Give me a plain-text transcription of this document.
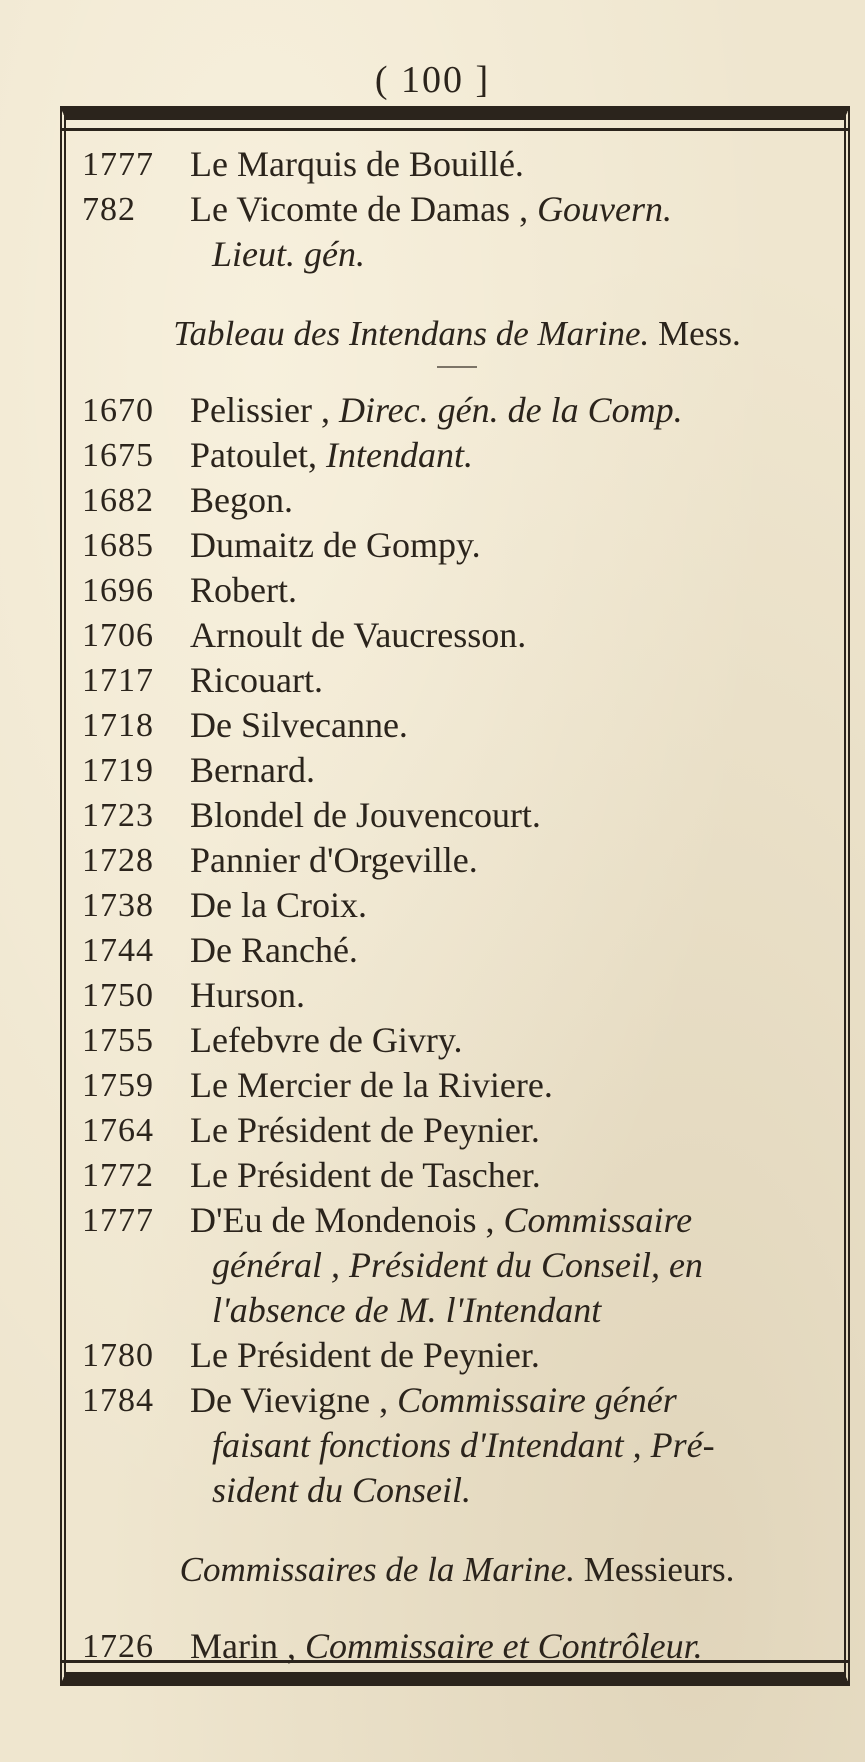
( 100 ]
1777	Le Marquis de Bouillé.
782	Le Vicomte de Damas , Gouvern.
Lieut. gén.
Tableau des Intendans de Marine. Mess.
1670	Pelissier , Direc. gén. de la Comp.
1675	Patoulet, Intendant.
1682	Begon.
1685	Dumaitz de Gompy.
1696	Robert.
1706	Arnoult de Vaucresson.
1717	Ricouart.
1718	De Silvecanne.
1719	Bernard.
1723	Blondel de Jouvencourt.
1728	Pannier d'Orgeville.
1738	De la Croix.
1744	De Ranché.
1750	Hurson.
1755	Lefebvre de Givry.
1759	Le Mercier de la Riviere.
1764	Le Président de Peynier.
1772	Le Président de Tascher.
1777	D'Eu de Mondenois , Commissaire
général , Président du Conseil, en
l'absence de M. l'Intendant
1780	Le Président de Peynier.
1784	De Vievigne , Commissaire génér
faisant fonctions d'Intendant , Pré-
sident du Conseil.
Commissaires de la Marine. Messieurs.
1726	Marin , Commissaire et Contrôleur.
